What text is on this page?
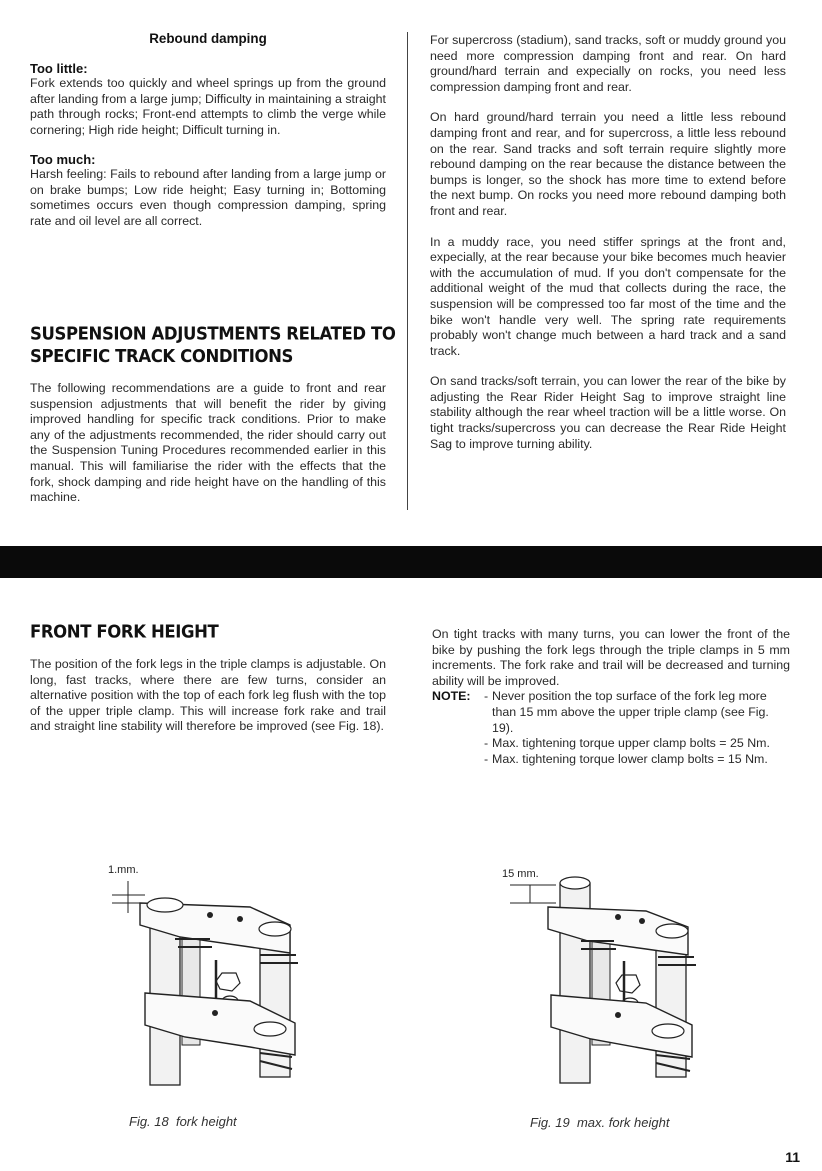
Rebound damping

Too little:

Fork extends too quickly and wheel springs up from the ground after landing from a large jump; Difficulty in maintaining a straight path through rocks; Front-end attempts to climb the verge while cornering; High ride height; Difficult turning in.

Too much:

Harsh feeling: Fails to rebound after landing from a large jump or on brake bumps; Low ride height; Easy turning in; Bottoming sometimes occurs even though compression damping, spring rate and oil level are all correct.

SUSPENSION ADJUSTMENTS RELATED TO
SPECIFIC TRACK CONDITIONS

The following recommendations are a guide to front and rear suspension adjustments that will benefit the rider by giving improved handling for specific track conditions. Prior to make any of the adjustments recommended, the rider should carry out the Suspension Tuning Procedures recommended earlier in this manual. This will familiarise the rider with the effects that the fork, shock damping and ride height have on the handling of this machine.

For supercross (stadium), sand tracks, soft or muddy ground you need more compression damping front and rear. On hard ground/hard terrain and expecially on rocks, you need less compression damping front and rear.

On hard ground/hard terrain you need a little less rebound damping front and rear, and for supercross, a little less rebound on the rear. Sand tracks and soft terrain require slightly more rebound damping on the rear because the distance between the bumps is longer, so the shock has more time to extend before the next bump. On rocks you need more rebound damping both front and rear.

In a muddy race, you need stiffer springs at the front and, expecially, at the rear because your bike becomes much heavier with the accumulation of mud. If you don't compensate for the additional weight of the mud that collects during the race, the suspension will be compressed too far most of the time and the bike won't handle very well. The spring rate requirements probably won't change much between a hard track and a sand track.

On sand tracks/soft terrain, you can lower the rear of the bike by adjusting the Rear Rider Height Sag to improve straight line stability although the rear wheel traction will be a little worse. On tight tracks/supercross you can decrease the Rear Ride Height Sag to improve turning ability.

FRONT FORK HEIGHT

The position of the fork legs in the triple clamps is adjustable. On long, fast tracks, where there are few turns, consider an alternative position with the top of each fork leg flush with the top of the upper triple clamp. This will increase fork rake and trail and straight line stability will therefore be improved (see Fig. 18).

On tight tracks with many turns, you can lower the front of the bike by pushing the fork legs through the triple clamps in 5 mm increments. The fork rake and trail will be decreased and turning ability will be improved.

NOTE:	- Never position the top surface of the fork leg more than 15 mm above the upper triple clamp (see Fig. 19).
- Max. tightening torque upper clamp bolts = 25 Nm.
- Max. tightening torque lower clamp bolts = 15 Nm.
1.mm.	15 mm.
Fig. 18  fork height	Fig. 19  max. fork height
11
